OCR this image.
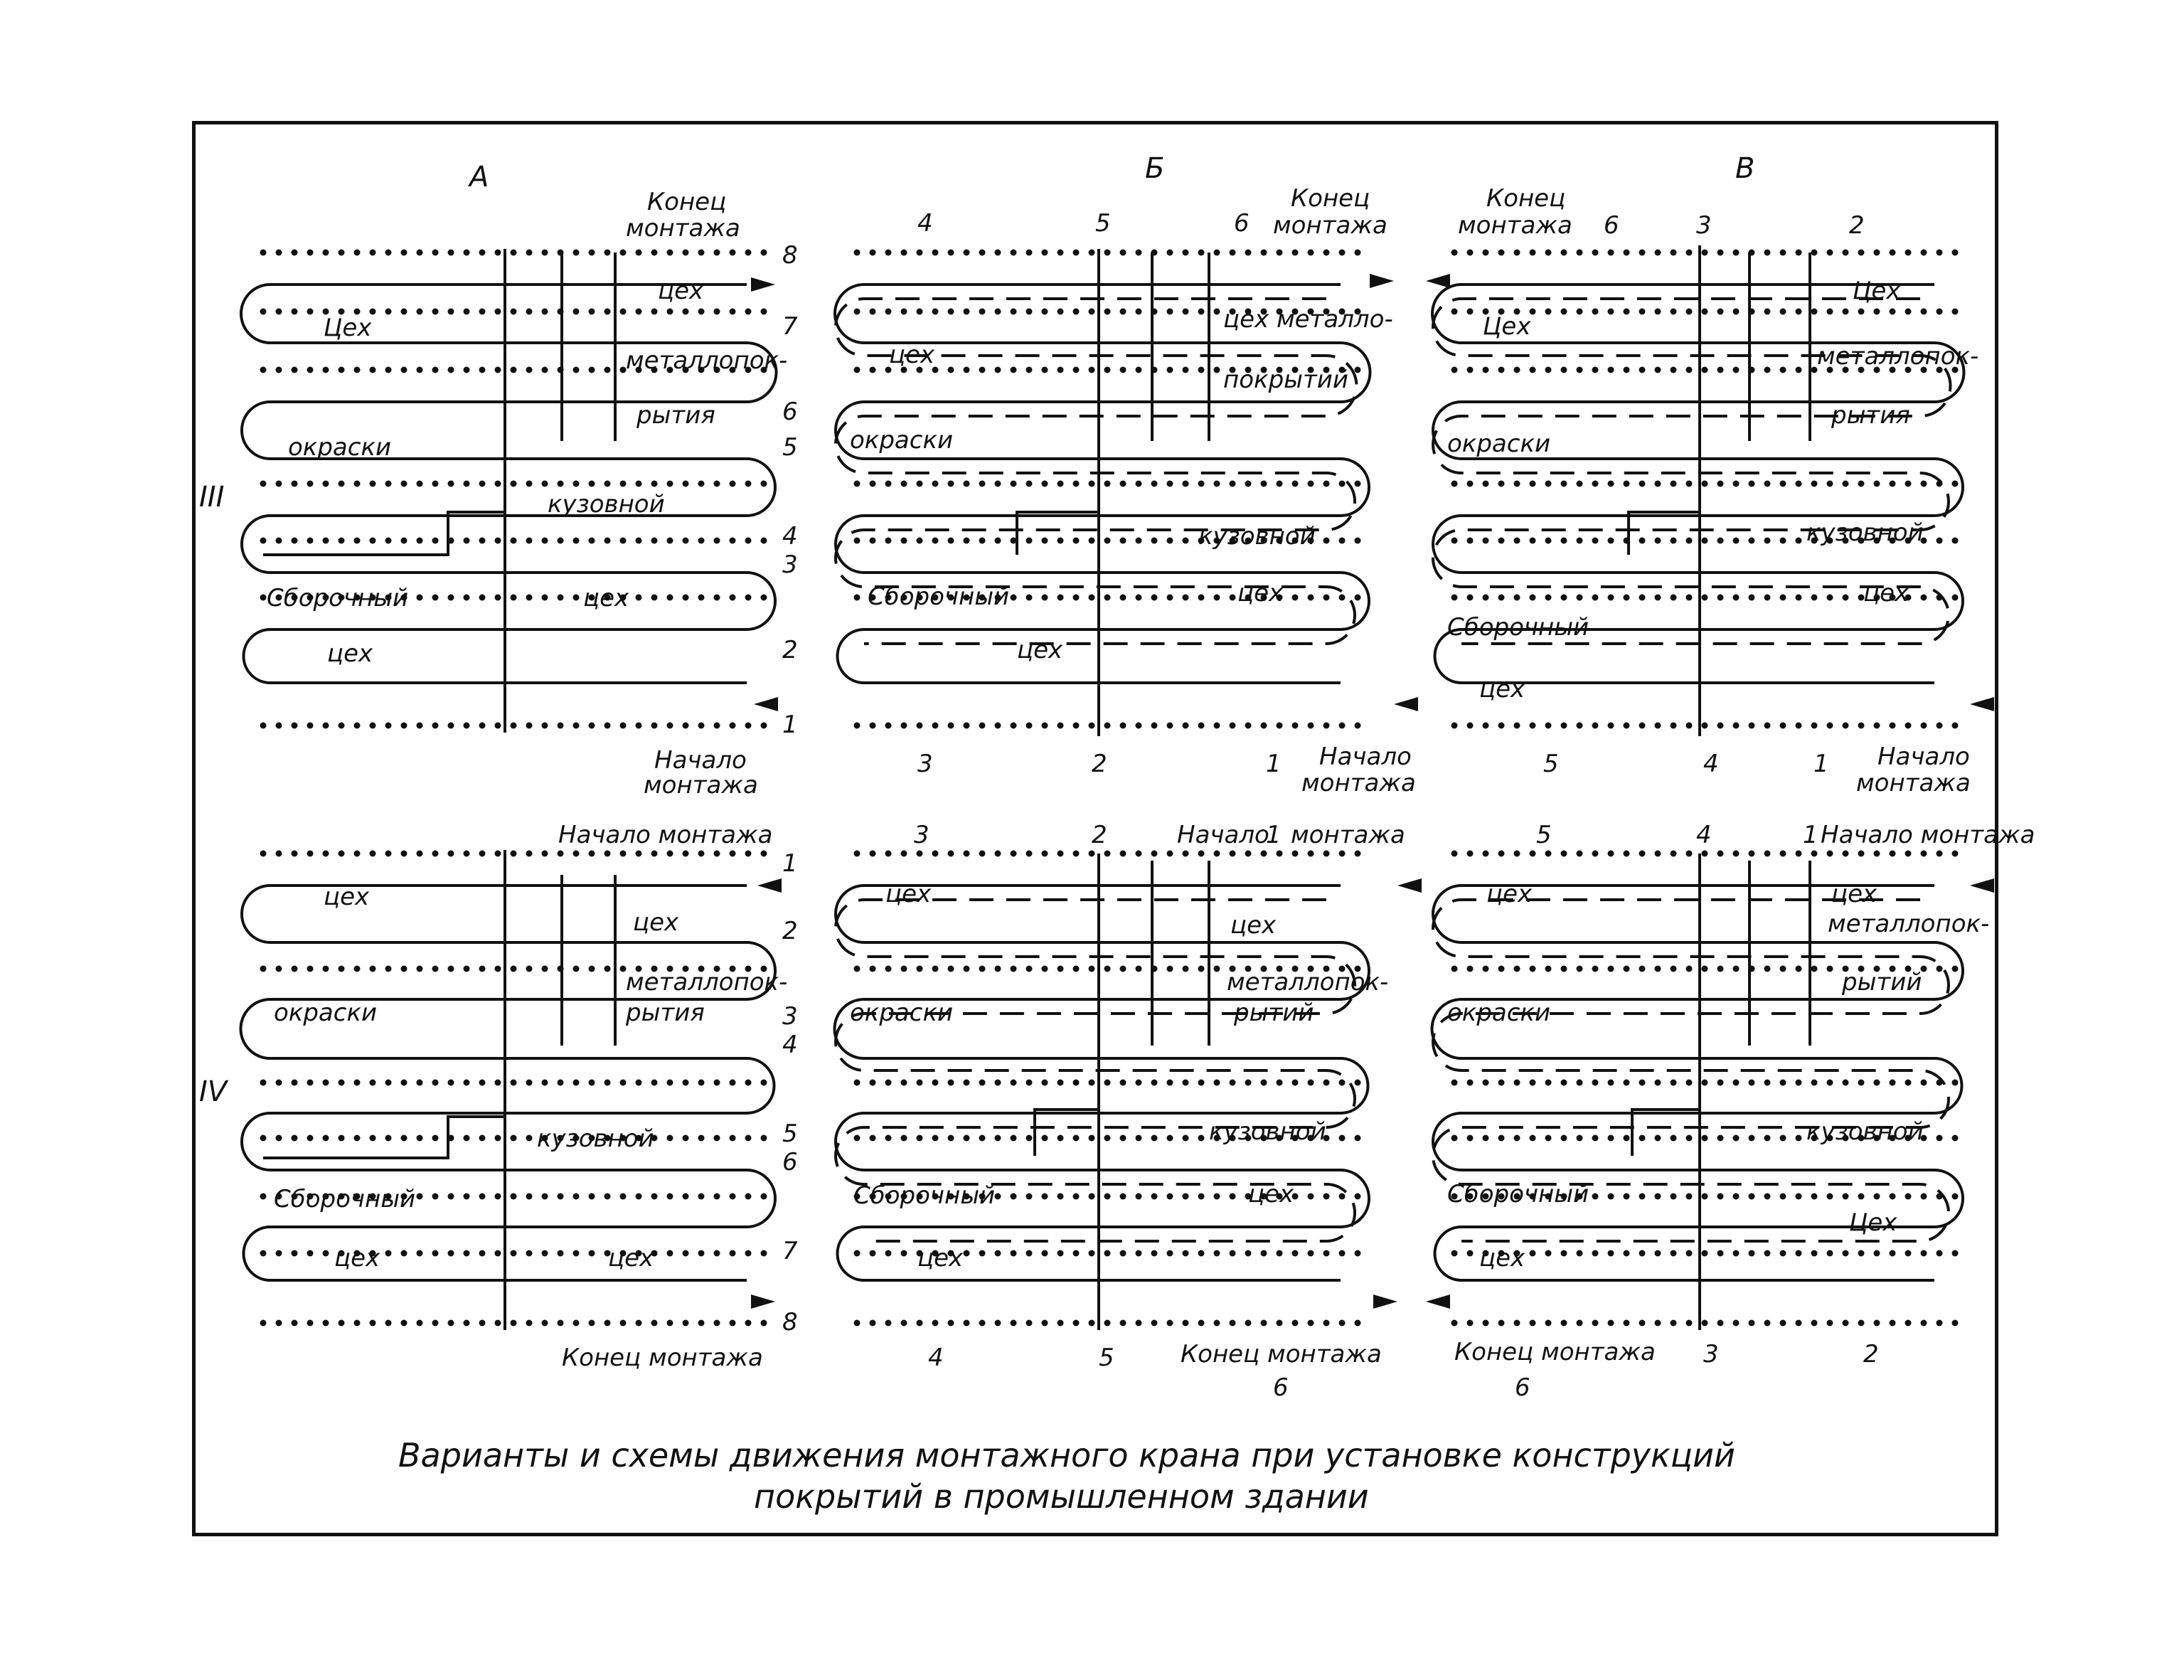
А	Б	В
III
IV
Конец
монтажа
цех
Цех
металлопок-
рытия
окраски
кузовной
Сборочный	цех
цех
Начало
монтажа
8
7
6
5
4
3
2
1
4	5	6
Конец
монтажа
цех металло-
цех
покрытий
окраски
кузовной
Сборочный	цех
цех
3	2	1 Начало
монтажа
Конец
монтажа 6	3	2
Цех
Цех
металлопок-
рытия
окраски
кузовной
цех
Сборочный
цех
5	4	1 Начало
монтажа
Начало монтажа
цех
цех
металлопок-
окраски	рытия
кузовной
Сборочный
цех	цех
Конец монтажа
1
2
3
4
5
6
7
8
3	2	Начало
1 монтажа
цех
цех
металлопок-
окраски	рытий
кузовной
Сборочный	цех
цех
4	5	Конец монтажа
6
5	4	1 Начало монтажа
цех	цех
металлопок-
рытий
окраски
кузовной
Сборочный
Цех
цех
Конец монтажа 3	2
6
Варианты и схемы движения монтажного крана при установке конструкций
покрытий в промышленном здании
